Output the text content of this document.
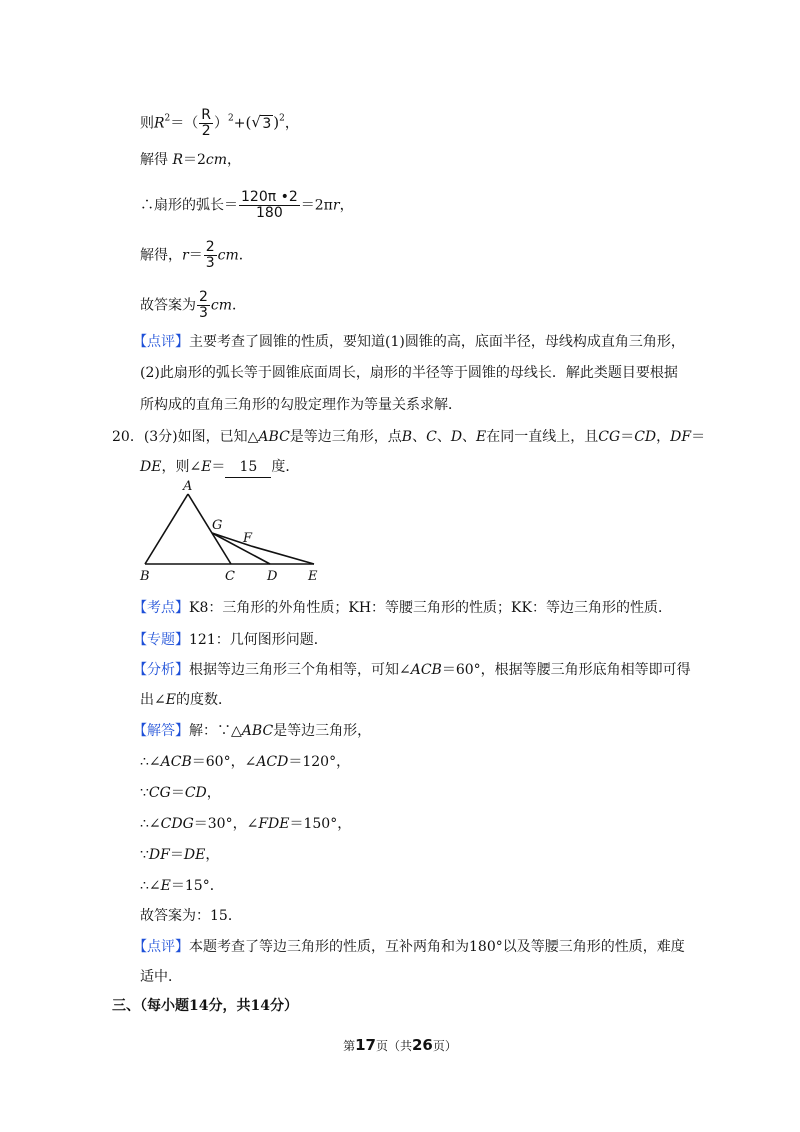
则$R^2=( \frac{R}{2} )^2+$( √ 3 )$^2$，
解得 R＝2cm，
∴扇形的弧长＝ $\frac{120\pi •2}{180} =2\pi r$，
解得，$r= \frac{2}{3}$ cm．
故答案为 $\frac{2}{3}$ cm．
【点评】主要考查了圆锥的性质，要知道(1)圆锥的高，底面半径，母线构成直角三角形，
(2)此扇形的弧长等于圆锥底面周长，扇形的半径等于圆锥的母线长．解此类题目要根据
所构成的直角三角形的勾股定理作为等量关系求解．
20．(3分)如图，已知△ABC是等边三角形，点B、C、D、E在同一直线上，且CG＝CD，DF＝
DE，则∠E＝ 15 度．
A
G
F
B	C D E
【考点】K8：三角形的外角性质；KH：等腰三角形的性质；KK：等边三角形的性质．
【专题】121：几何图形问题．
【分析】根据等边三角形三个角相等，可知∠ACB＝60°，根据等腰三角形底角相等即可得
出∠E的度数．
【解答】解：∵△ABC是等边三角形，
∴∠ACB＝60°，∠ACD＝120°，
∵CG＝CD，
∴∠CDG＝30°，∠FDE＝150°，
∵DF＝DE，
∴∠E＝15°．
故答案为：15．
【点评】本题考查了等边三角形的性质，互补两角和为180°以及等腰三角形的性质，难度
适中．
三、（每小题14分，共14分）
第17页（共26页）
